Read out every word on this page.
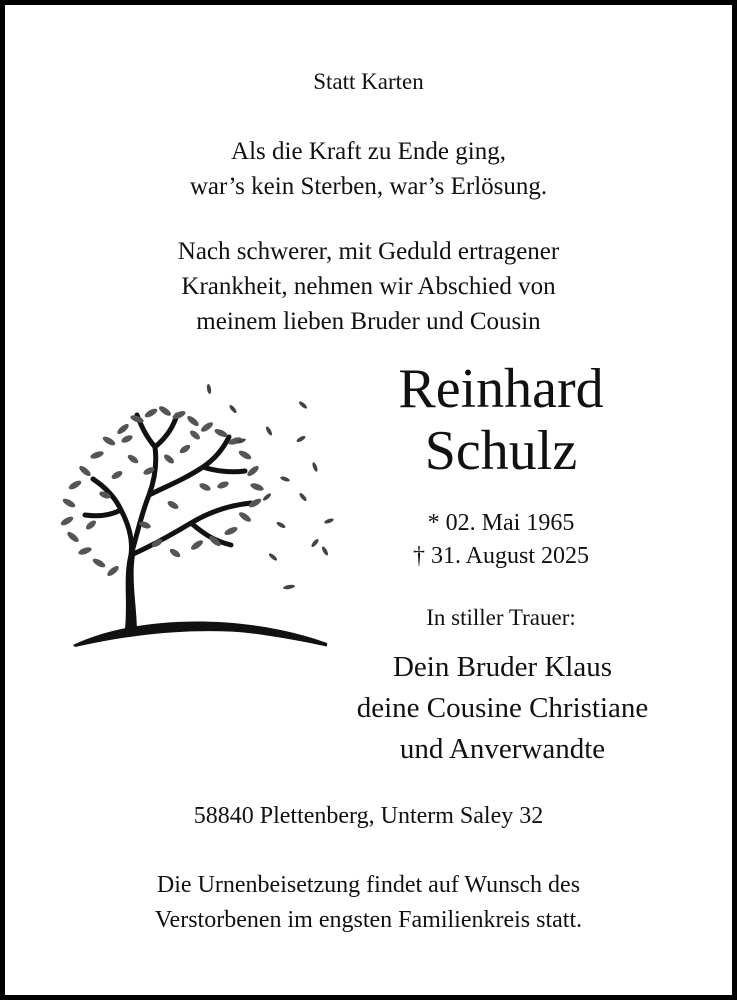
Statt Karten
Als die Kraft zu Ende ging,
war’s kein Sterben, war’s Erlösung.
Nach schwerer, mit Geduld ertragener
Krankheit, nehmen wir Abschied von
meinem lieben Bruder und Cousin
Reinhard
Schulz
* 02. Mai 1965
† 31. August 2025
In stiller Trauer:
Dein Bruder Klaus
deine Cousine Christiane
und Anverwandte
58840 Plettenberg, Unterm Saley 32
Die Urnenbeisetzung findet auf Wunsch des
Verstorbenen im engsten Familienkreis statt.
